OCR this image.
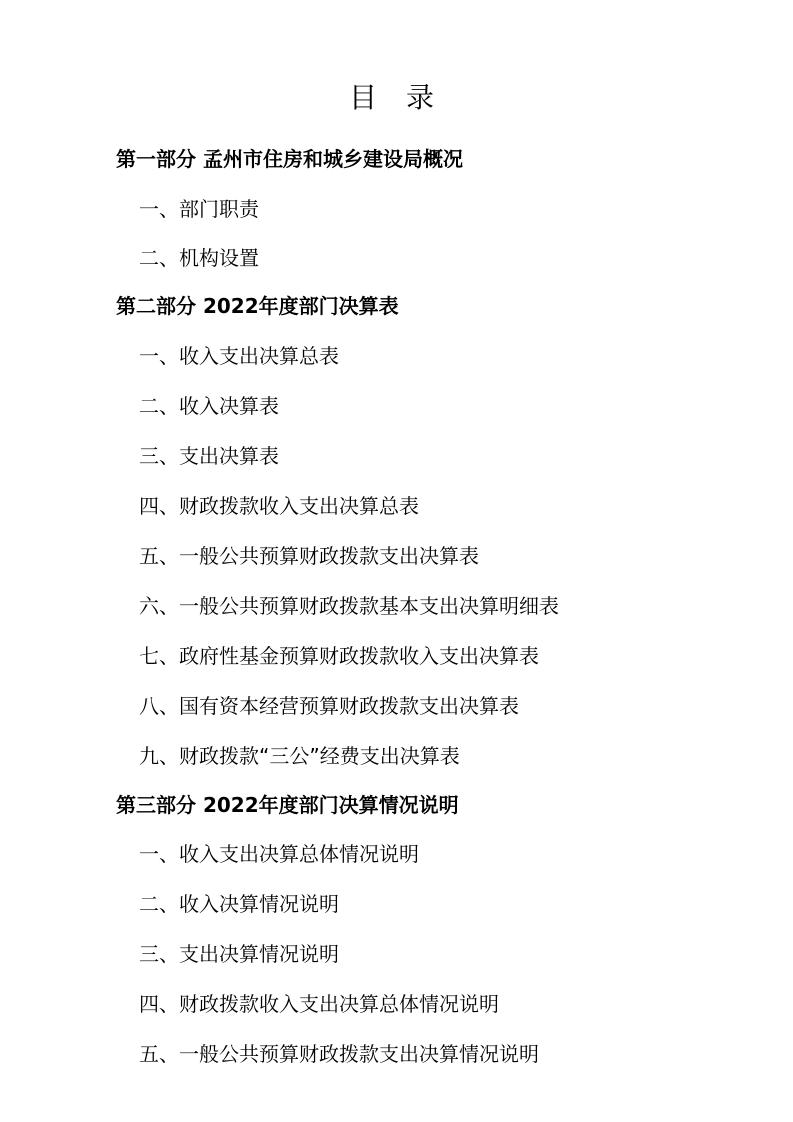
目 录
第一部分 孟州市住房和城乡建设局概况
一、部门职责
二、机构设置
第二部分 2022年度部门决算表
一、收入支出决算总表
二、收入决算表
三、支出决算表
四、财政拨款收入支出决算总表
五、一般公共预算财政拨款支出决算表
六、一般公共预算财政拨款基本支出决算明细表
七、政府性基金预算财政拨款收入支出决算表
八、国有资本经营预算财政拨款支出决算表
九、财政拨款“三公”经费支出决算表
第三部分 2022年度部门决算情况说明
一、收入支出决算总体情况说明
二、收入决算情况说明
三、支出决算情况说明
四、财政拨款收入支出决算总体情况说明
五、一般公共预算财政拨款支出决算情况说明
